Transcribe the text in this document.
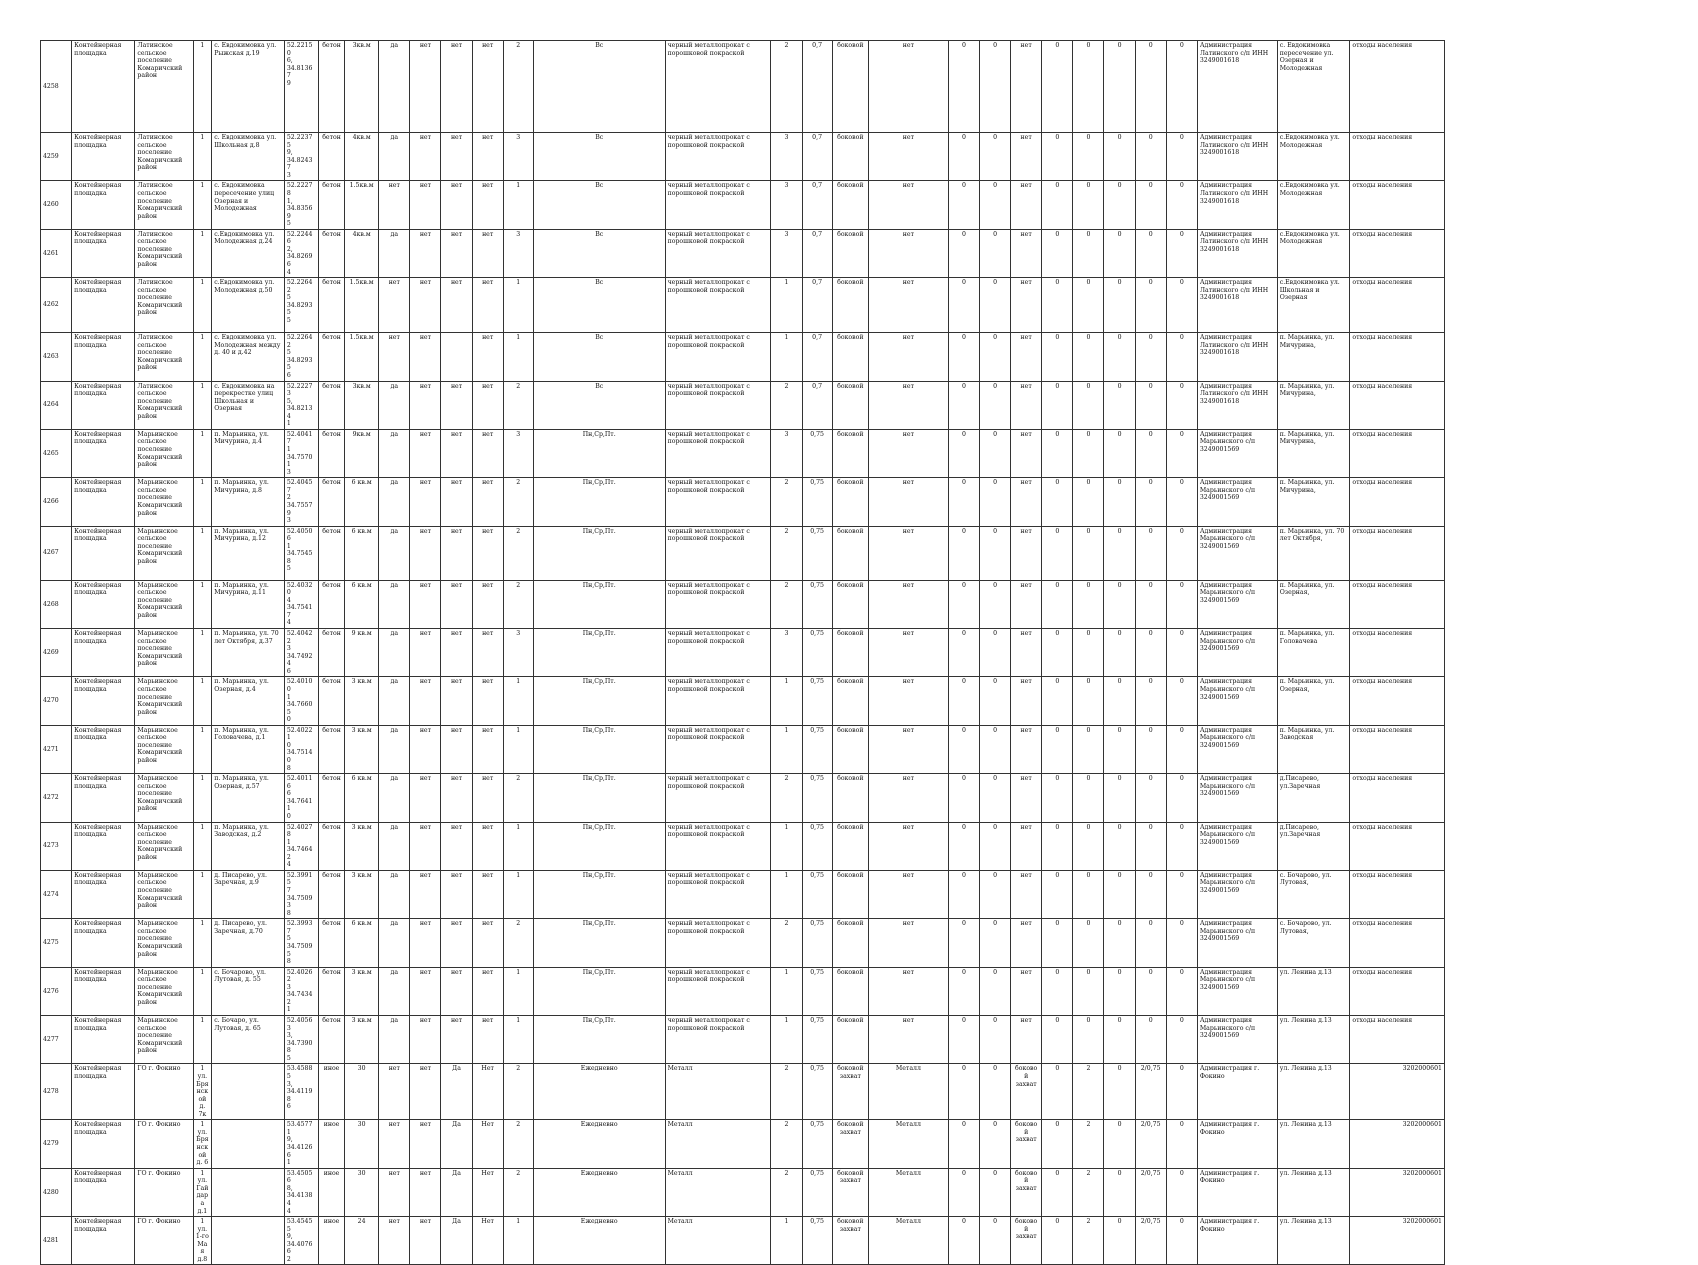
4258	Контейнерная
площадка	Латинское
сельское
поселение
Комаричский
район	1	с. Евдокимовка ул.
Рыжская д.19	52.22150
6,
34.81367
9	бетон	3кв.м	да	нет	нет	нет	2	Вс	черный металлопрокат с
порошковой покраской	2	0,7	боковой	нет	0	0	нет	0	0	0	0	0	Администрация
Латинского с/п ИНН
3249001618	с. Евдокимовка
пересечение ул.
Озерная и
Молодежная	отходы населения
4259	Контейнерная
площадка	Латинское
сельское
поселение
Комаричский
район	1	с. Евдокимовка ул.
Школьная д.8	52.22375
9,
34.82437
3	бетон	4кв.м	да	нет	нет	нет	3	Вс	черный металлопрокат с
порошковой покраской	3	0,7	боковой	нет	0	0	нет	0	0	0	0	0	Администрация
Латинского с/п ИНН
3249001618	с.Евдокимовка ул.
Молодежная	отходы населения
4260	Контейнерная
площадка	Латинское
сельское
поселение
Комаричский
район	1	с. Евдокимовка
пересечение улиц
Озерная и
Молодежная	52.22278
1,
34.83569
5	бетон	1.5кв.м	нет	нет	нет	нет	1	Вс	черный металлопрокат с
порошковой покраской	3	0,7	боковой	нет	0	0	нет	0	0	0	0	0	Администрация
Латинского с/п ИНН
3249001618	с.Евдокимовка ул.
Молодежная	отходы населения
4261	Контейнерная
площадка	Латинское
сельское
поселение
Комаричский
район	1	с.Евдокимовка ул.
Молодежная д.24	52.22446
2,
34.82696
4	бетон	4кв.м	да	нет	нет	нет	3	Вс	черный металлопрокат с
порошковой покраской	3	0,7	боковой	нет	0	0	нет	0	0	0	0	0	Администрация
Латинского с/п ИНН
3249001618	с.Евдокимовка ул.
Молодежная	отходы населения
4262	Контейнерная
площадка	Латинское
сельское
поселение
Комаричский
район	1	с.Евдокимовка ул.
Молодежная д.50	52.22642
5
34.82935
5	бетон	1.5кв.м	нет	нет	нет	нет	1	Вс	черный металлопрокат с
порошковой покраской	1	0,7	боковой	нет	0	0	нет	0	0	0	0	0	Администрация
Латинского с/п ИНН
3249001618	с.Евдокимовка ул.
Школьная и Озерная	отходы населения
4263	Контейнерная
площадка	Латинское
сельское
поселение
Комаричский
район	1	с. Евдокимовка ул.
Молодежная между
д. 40 и д.42	52.22642
5
34.82935
6	бетон	1.5кв.м	нет	нет		нет	1	Вс	черный металлопрокат с
порошковой покраской	1	0,7	боковой	нет	0	0	нет	0	0	0	0	0	Администрация
Латинского с/п ИНН
3249001618	п. Марьинка, ул.
Мичурина,	отходы населения
4264	Контейнерная
площадка	Латинское
сельское
поселение
Комаричский
район	1	с. Евдокимовка на
перекрестке улиц
Школьная и
Озерная	52.22273
5,
34.82134
1	бетон	3кв.м	да	нет	нет	нет	2	Вс	черный металлопрокат с
порошковой покраской	2	0,7	боковой	нет	0	0	нет	0	0	0	0	0	Администрация
Латинского с/п ИНН
3249001618	п. Марьинка, ул.
Мичурина,	отходы населения
4265	Контейнерная
площадка	Марьинское
сельское
поселение
Комаричский
район	1	п. Марьинка, ул.
Мичурина, д.4	52.40417
1
34.75701
3	бетон	9кв.м	да	нет	нет	нет	3	Пн,Ср,Пт.	черный металлопрокат с
порошковой покраской	3	0,75	боковой	нет	0	0	нет	0	0	0	0	0	Администрация
Марьинского с/п
3249001569	п. Марьинка, ул.
Мичурина,	отходы населения
4266	Контейнерная
площадка	Марьинское
сельское
поселение
Комаричский
район	1	п. Марьинка, ул.
Мичурина, д.8	52.40457
2
34.75579
3	бетон	6 кв.м	да	нет	нет	нет	2	Пн,Ср,Пт.	черный металлопрокат с
порошковой покраской	2	0,75	боковой	нет	0	0	нет	0	0	0	0	0	Администрация
Марьинского с/п
3249001569	п. Марьинка, ул.
Мичурина,	отходы населения
4267	Контейнерная
площадка	Марьинское
сельское
поселение
Комаричский
район	1	п. Марьинка, ул.
Мичурина, д.12	52.40506
1
34.75458
5	бетон	6 кв.м	да	нет	нет	нет	2	Пн,Ср,Пт.	черный металлопрокат с
порошковой покраской	2	0,75	боковой	нет	0	0	нет	0	0	0	0	0	Администрация
Марьинского с/п
3249001569	п. Марьинка, ул. 70
лет Октября,	отходы населения
4268	Контейнерная
площадка	Марьинское
сельское
поселение
Комаричский
район	1	п. Марьинка, ул.
Мичурина, д.11	52.40320
4
34.75417
4	бетон	6 кв.м	да	нет	нет	нет	2	Пн,Ср,Пт.	черный металлопрокат с
порошковой покраской	2	0,75	боковой	нет	0	0	нет	0	0	0	0	0	Администрация
Марьинского с/п
3249001569	п. Марьинка, ул.
Озерная,	отходы населения
4269	Контейнерная
площадка	Марьинское
сельское
поселение
Комаричский
район	1	п. Марьинка, ул. 70
лет Октября, д.37	52.40422
3
34.74924
6	бетон	9 кв.м	да	нет	нет	нет	3	Пн,Ср,Пт.	черный металлопрокат с
порошковой покраской	3	0,75	боковой	нет	0	0	нет	0	0	0	0	0	Администрация
Марьинского с/п
3249001569	п. Марьинка, ул.
Головачева	отходы населения
4270	Контейнерная
площадка	Марьинское
сельское
поселение
Комаричский
район	1	п. Марьинка, ул.
Озерная, д.4	52.40100
1
34.76605
0	бетон	3 кв.м	да	нет	нет	нет	1	Пн,Ср,Пт.	черный металлопрокат с
порошковой покраской	1	0,75	боковой	нет	0	0	нет	0	0	0	0	0	Администрация
Марьинского с/п
3249001569	п. Марьинка, ул.
Озерная,	отходы населения
4271	Контейнерная
площадка	Марьинское
сельское
поселение
Комаричский
район	1	п. Марьинка, ул.
Головачева, д.1	52.40221
0
34.75140
8	бетон	3 кв.м	да	нет	нет	нет	1	Пн,Ср,Пт.	черный металлопрокат с
порошковой покраской	1	0,75	боковой	нет	0	0	нет	0	0	0	0	0	Администрация
Марьинского с/п
3249001569	п. Марьинка, ул.
Заводская	отходы населения
4272	Контейнерная
площадка	Марьинское
сельское
поселение
Комаричский
район	1	п. Марьинка, ул.
Озерная, д.57	52.40116
6
34.76411
0	бетон	6 кв.м	да	нет	нет	нет	2	Пн,Ср,Пт.	черный металлопрокат с
порошковой покраской	2	0,75	боковой	нет	0	0	нет	0	0	0	0	0	Администрация
Марьинского с/п
3249001569	д.Писарево,
ул.Заречная	отходы населения
4273	Контейнерная
площадка	Марьинское
сельское
поселение
Комаричский
район	1	п. Марьинка, ул.
Заводская, д.2	52.40278
1
34.74642
4	бетон	3 кв.м	да	нет	нет	нет	1	Пн,Ср,Пт.	черный металлопрокат с
порошковой покраской	1	0,75	боковой	нет	0	0	нет	0	0	0	0	0	Администрация
Марьинского с/п
3249001569	д.Писарево,
ул.Заречная	отходы населения
4274	Контейнерная
площадка	Марьинское
сельское
поселение
Комаричский
район	1	д. Писарево, ул.
Заречная, д.9	52.39915
7
34.75093
8	бетон	3 кв.м	да	нет	нет	нет	1	Пн,Ср,Пт.	черный металлопрокат с
порошковой покраской	1	0,75	боковой	нет	0	0	нет	0	0	0	0	0	Администрация
Марьинского с/п
3249001569	с. Бочарово, ул.
Лутовая,	отходы населения
4275	Контейнерная
площадка	Марьинское
сельское
поселение
Комаричский
район	1	д. Писарево, ул.
Заречная, д.70	52.39937
5
34.75095
8	бетон	6 кв.м	да	нет	нет	нет	2	Пн,Ср,Пт.	черный металлопрокат с
порошковой покраской	2	0,75	боковой	нет	0	0	нет	0	0	0	0	0	Администрация
Марьинского с/п
3249001569	с. Бочарово, ул.
Лутовая,	отходы населения
4276	Контейнерная
площадка	Марьинское
сельское
поселение
Комаричский
район	1	с. Бочарово, ул.
Лутовая, д. 55	52.40262
3
34.74342
1	бетон	3 кв.м	да	нет	нет	нет	1	Пн,Ср,Пт.	черный металлопрокат с
порошковой покраской	1	0,75	боковой	нет	0	0	нет	0	0	0	0	0	Администрация
Марьинского с/п
3249001569	ул. Ленина д.13	отходы населения
4277	Контейнерная
площадка	Марьинское
сельское
поселение
Комаричский
район	1	с. Бочаро, ул.
Лутовая, д. 65	52.40563
3,
34.73908
5	бетон	3 кв.м	да	нет	нет	нет	1	Пн,Ср,Пт.	черный металлопрокат с
порошковой покраской	1	0,75	боковой	нет	0	0	нет	0	0	0	0	0	Администрация
Марьинского с/п
3249001569	ул. Ленина д.13	отходы населения
4278	Контейнерная
площадка	ГО г. Фокино	1 ул. Брянской д. 7к		53.45885
3,
34.41198
6	иное	30	нет	нет	Да	Нет	2	Ежедневно	Металл	2	0,75	боковой
захват	Металл	0	0	боковой
захват	0	2	0	2/0,75	0	Администрация г.
Фокино	ул. Ленина д.13	3202000601
4279	Контейнерная
площадка	ГО г. Фокино	1 ул. Брянской д. 6		53.45771
9,
34.41266
1	иное	30	нет	нет	Да	Нет	2	Ежедневно	Металл	2	0,75	боковой
захват	Металл	0	0	боковой
захват	0	2	0	2/0,75	0	Администрация г.
Фокино	ул. Ленина д.13	3202000601
4280	Контейнерная
площадка	ГО г. Фокино	1 ул. Гайдара д.1		53.45056
8,
34.41384
4	иное	30	нет	нет	Да	Нет	2	Ежедневно	Металл	2	0,75	боковой
захват	Металл	0	0	боковой
захват	0	2	0	2/0,75	0	Администрация г.
Фокино	ул. Ленина д.13	3202000601
4281	Контейнерная
площадка	ГО г. Фокино	1 ул. 1-го Мая д.8		53.45455
9,
34.40766
2	иное	24	нет	нет	Да	Нет	1	Ежедневно	Металл	1	0,75	боковой
захват	Металл	0	0	боковой
захват	0	2	0	2/0,75	0	Администрация г.
Фокино	ул. Ленина д.13	3202000601
